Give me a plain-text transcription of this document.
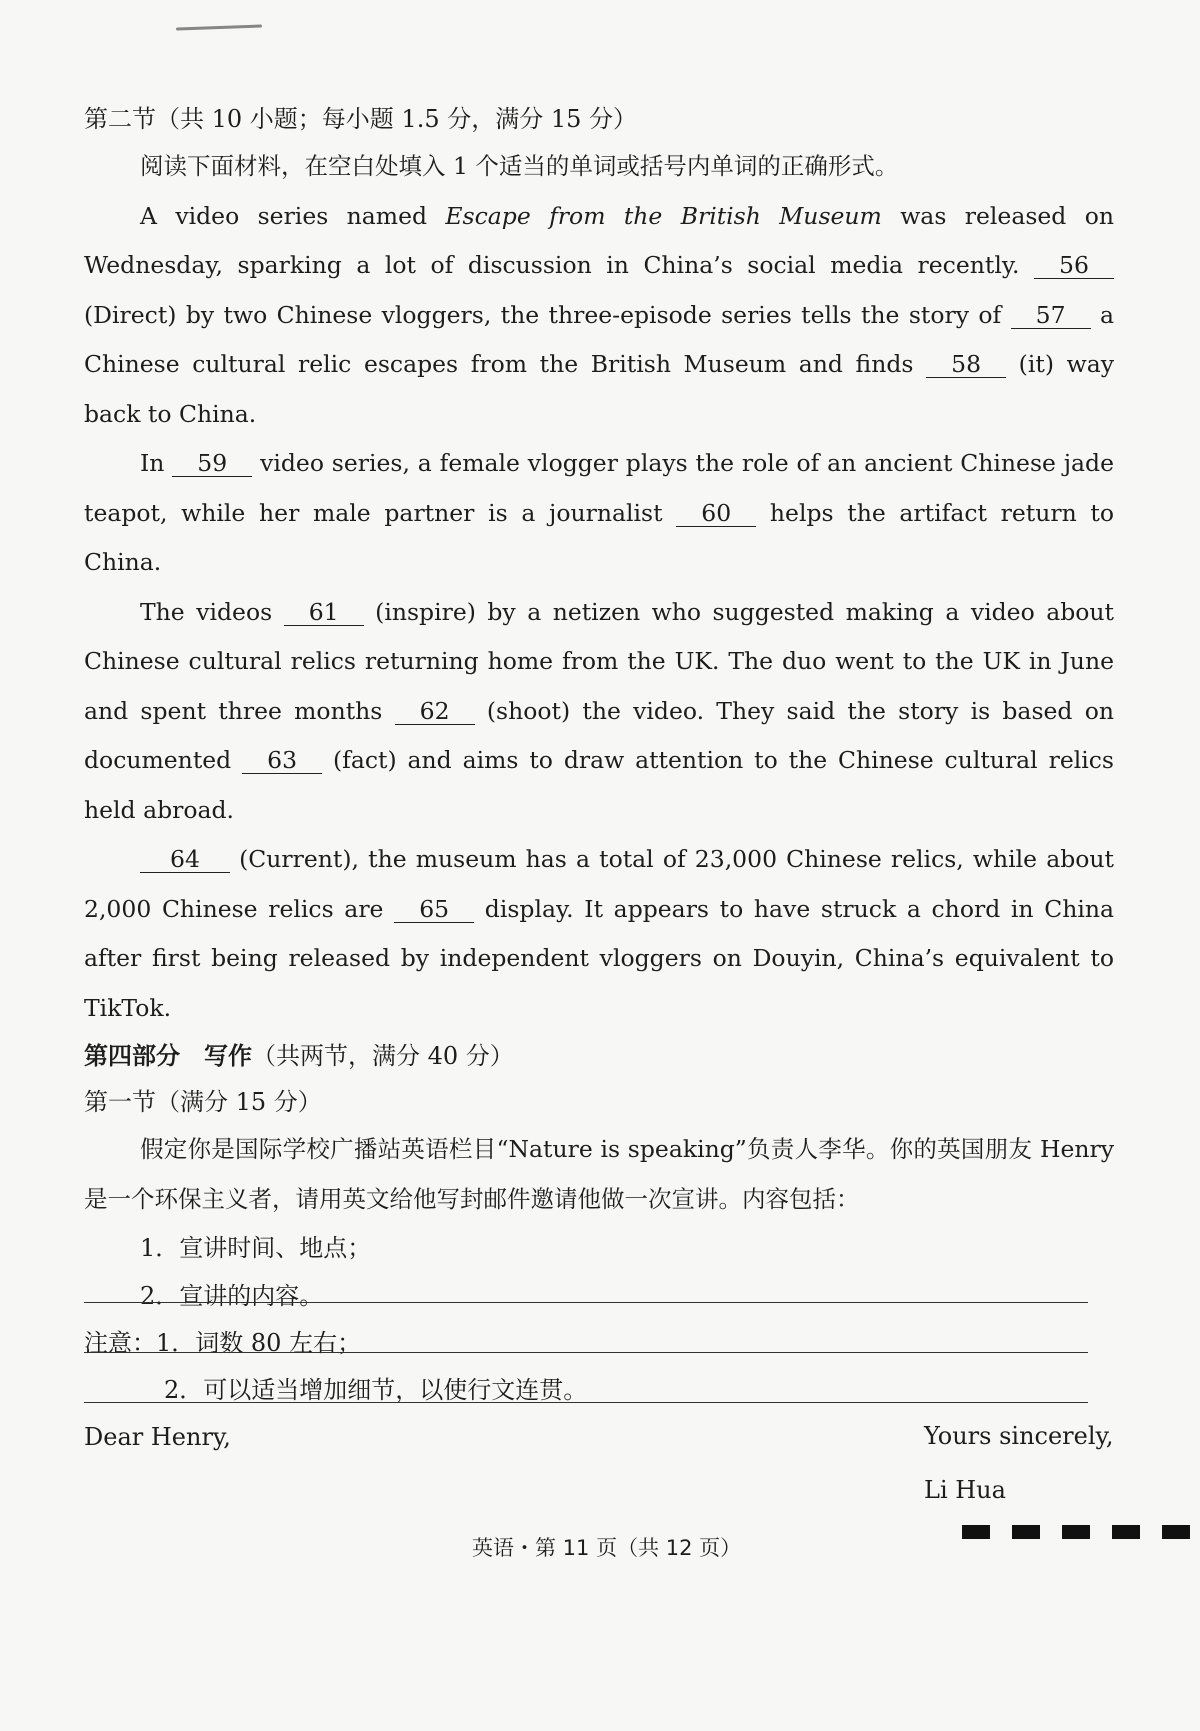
第二节（共 10 小题；每小题 1.5 分，满分 15 分）

阅读下面材料，在空白处填入 1 个适当的单词或括号内单词的正确形式。

A video series named Escape from the British Museum was released on Wednesday, sparking a lot of discussion in China’s social media recently. 56 (Direct) by two Chinese vloggers, the three-episode series tells the story of 57 a Chinese cultural relic escapes from the British Museum and finds 58 (it) way back to China.

In 59 video series, a female vlogger plays the role of an ancient Chinese jade teapot, while her male partner is a journalist 60 helps the artifact return to China.

The videos 61 (inspire) by a netizen who suggested making a video about Chinese cultural relics returning home from the UK. The duo went to the UK in June and spent three months 62 (shoot) the video. They said the story is based on documented 63 (fact) and aims to draw attention to the Chinese cultural relics held abroad.

64 (Current), the museum has a total of 23,000 Chinese relics, while about 2,000 Chinese relics are 65 display. It appears to have struck a chord in China after first being released by independent vloggers on Douyin, China’s equivalent to TikTok.

第四部分　写作（共两节，满分 40 分）
第一节（满分 15 分）

假定你是国际学校广播站英语栏目“Nature is speaking”负责人李华。你的英国朋友 Henry 是一个环保主义者，请用英文给他写封邮件邀请他做一次宣讲。内容包括：

1．宣讲时间、地点；
2．宣讲的内容。
注意：1．词数 80 左右；
2．可以适当增加细节，以使行文连贯。
Dear Henry,	Yours sincerely,
Li Hua
英语・第 11 页（共 12 页）
